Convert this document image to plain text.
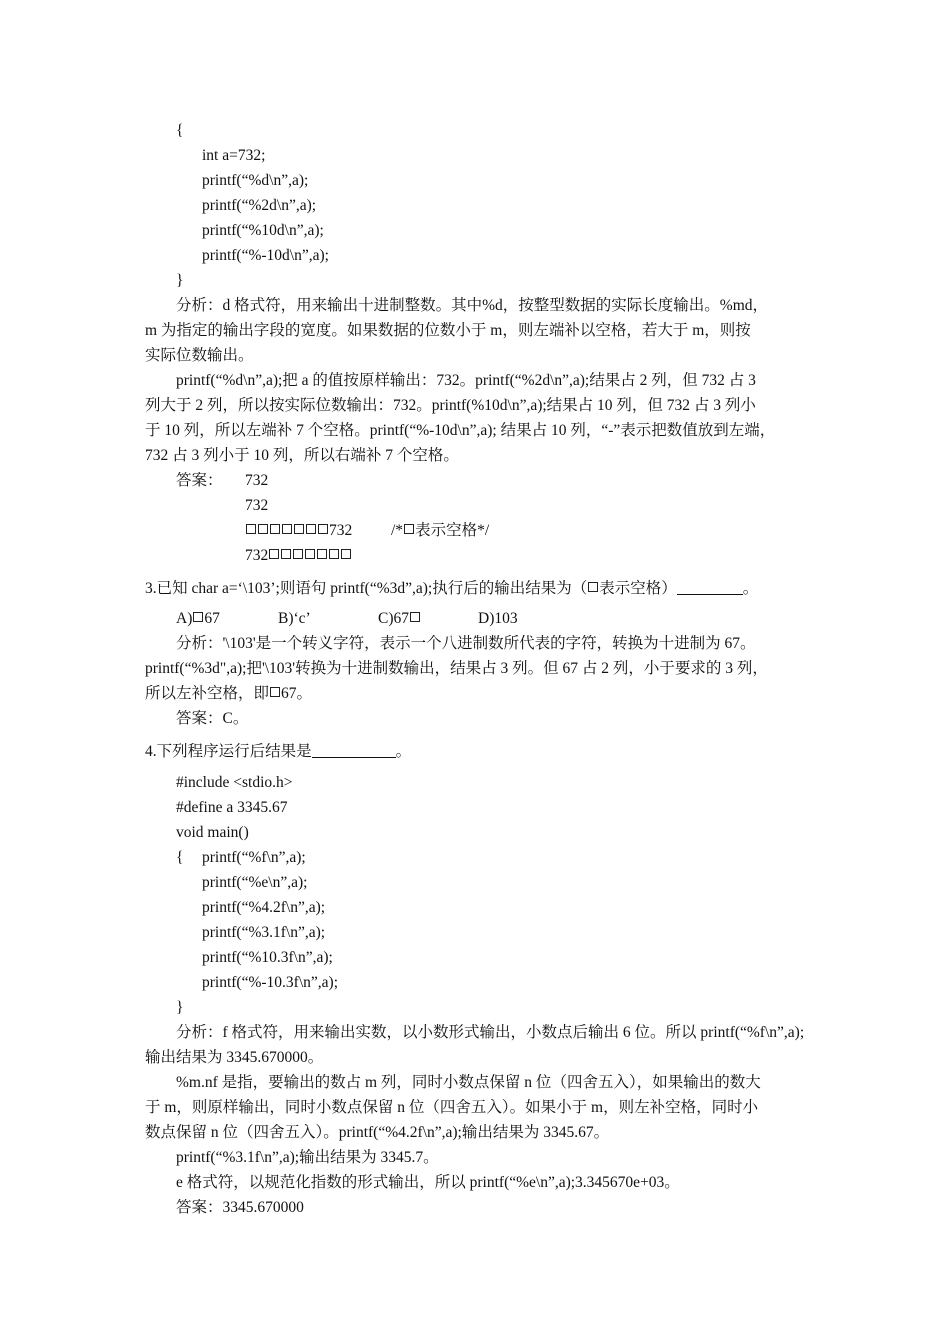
{
int a=732;
printf(“%d\n”,a);
printf(“%2d\n”,a);
printf(“%10d\n”,a);
printf(“%-10d\n”,a);
}
分析：d 格式符，用来输出十进制整数。其中%d，按整型数据的实际长度输出。%md，
m 为指定的输出字段的宽度。如果数据的位数小于 m，则左端补以空格，若大于 m，则按
实际位数输出。
printf(“%d\n”,a);把 a 的值按原样输出：732。printf(“%2d\n”,a);结果占 2 列，但 732 占 3
列大于 2 列，所以按实际位数输出：732。printf(%10d\n”,a);结果占 10 列，但 732 占 3 列小
于 10 列，所以左端补 7 个空格。printf(“%-10d\n”,a); 结果占 10 列，“-”表示把数值放到左端，
732 占 3 列小于 10 列，所以右端补 7 个空格。
答案： 732
732
732	/* 表示空格*/
732
3.已知 char a=‘\103’;则语句 printf(“%3d”,a);执行后的输出结果为（ 表示空格）	。
A) 67	B)‘c’	C)67	D)103
分析：'\103'是一个转义字符，表示一个八进制数所代表的字符，转换为十进制为 67。
printf(“%3d",a);把'\103'转换为十进制数输出，结果占 3 列。但 67 占 2 列，小于要求的 3 列，
所以左补空格，即 67。
答案：C。
4.下列程序运行后结果是	。
#include <stdio.h>
#define a 3345.67
void main()
{ printf(“%f\n”,a);
printf(“%e\n”,a);
printf(“%4.2f\n”,a);
printf(“%3.1f\n”,a);
printf(“%10.3f\n”,a);
printf(“%-10.3f\n”,a);
}
分析：f 格式符，用来输出实数，以小数形式输出，小数点后输出 6 位。所以 printf(“%f\n”,a);
输出结果为 3345.670000。
%m.nf 是指，要输出的数占 m 列，同时小数点保留 n 位（四舍五入），如果输出的数大
于 m，则原样输出，同时小数点保留 n 位（四舍五入）。如果小于 m，则左补空格，同时小
数点保留 n 位（四舍五入）。printf(“%4.2f\n”,a);输出结果为 3345.67。
printf(“%3.1f\n”,a);输出结果为 3345.7。
e 格式符，以规范化指数的形式输出，所以 printf(“%e\n”,a);3.345670e+03。
答案：3345.670000
